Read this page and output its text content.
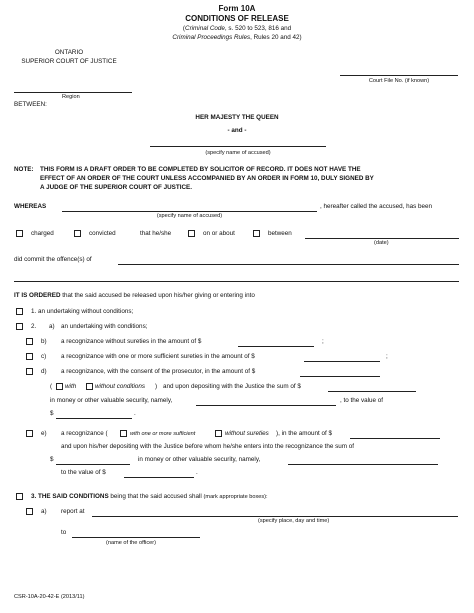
Form 10A
CONDITIONS OF RELEASE
(Criminal Code, s. 520 to 523, 816 and
Criminal Proceedings Rules, Rules 20 and 42)
ONTARIO
SUPERIOR COURT OF JUSTICE
Court File No. (if known)
Region
BETWEEN:
HER MAJESTY THE QUEEN
- and -
(specify name of accused)
NOTE: THIS FORM IS A DRAFT ORDER TO BE COMPLETED BY SOLICITOR OF RECORD. IT DOES NOT HAVE THE
EFFECT OF AN ORDER OF THE COURT UNLESS ACCOMPANIED BY AN ORDER IN FORM 10, DULY SIGNED BY
A JUDGE OF THE SUPERIOR COURT OF JUSTICE.
WHEREAS	, hereafter called the accused, has been
(specify name of accused)
charged	convicted	that he/she	on or about	between
(date)
did commit the offence(s) of
IT IS ORDERED that the said accused be released upon his/her giving or entering into
1. an undertaking without conditions;
2. a) an undertaking with conditions;
b) a recognizance without sureties in the amount of $	;
c) a recognizance with one or more sufficient sureties in the amount of $	;
d) a recognizance, with the consent of the prosecutor, in the amount of $
( with	without conditions ) and upon depositing with the Justice the sum of $
in money or other valuable security, namely,	, to the value of
$	.
e) a recognizance (	with one or more sufficient	without sureties ), in the amount of $
and upon his/her depositing with the Justice before whom he/she enters into the recognizance the sum of
$	in money or other valuable security, namely,
to the value of $	.
3. THE SAID CONDITIONS being that the said accused shall (mark appropriate boxes):
a) report at
(specify place, day and time)
to
(name of the officer)
CSR-10A-20-42-E (2013/11)
